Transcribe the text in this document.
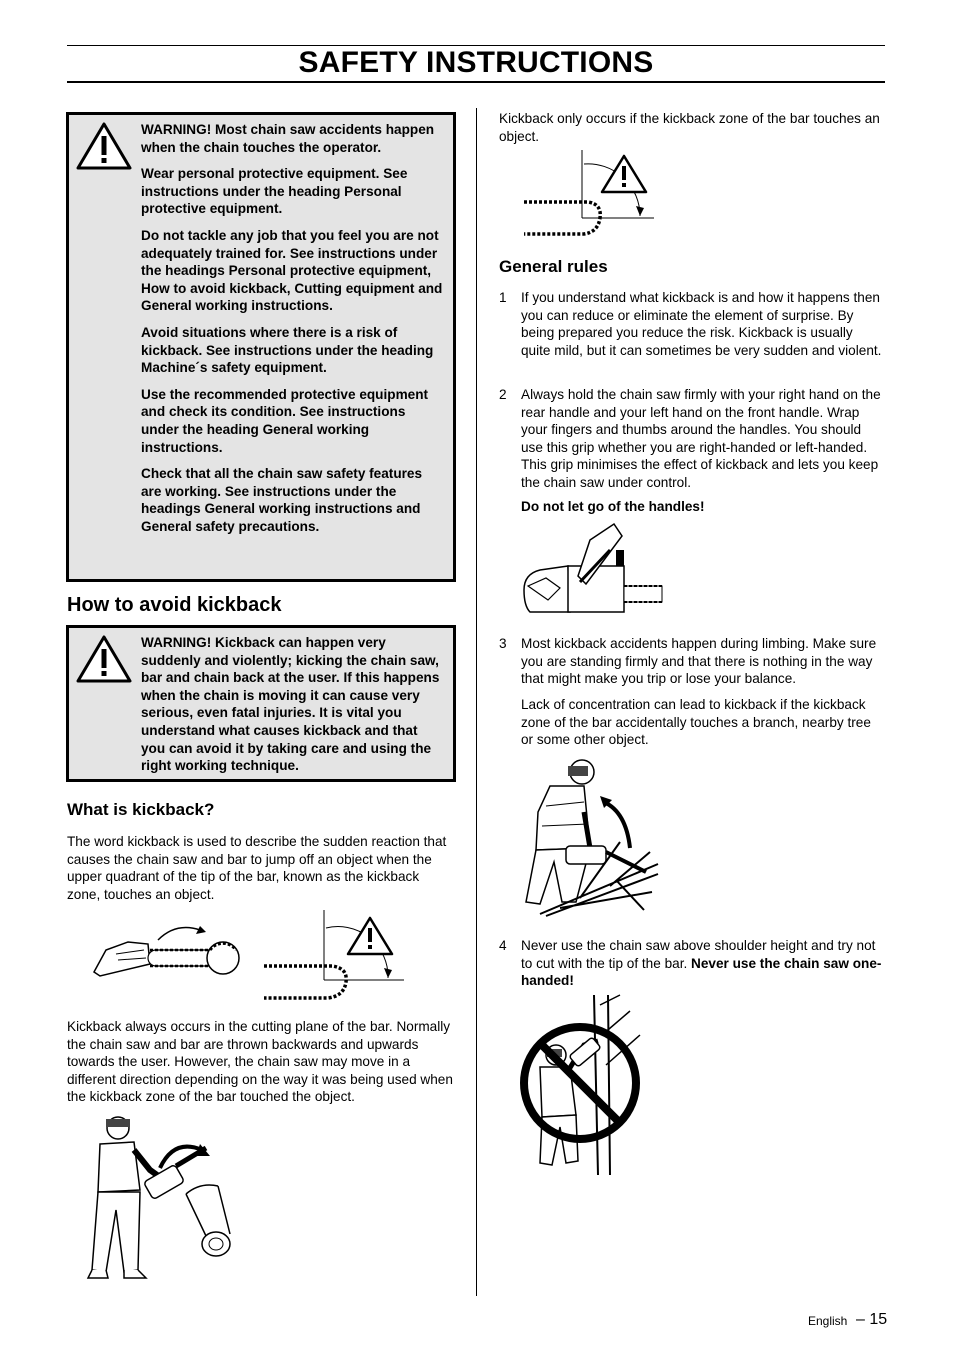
SAFETY INSTRUCTIONS

WARNING! Most chain saw accidents happen when the chain touches the operator.

Wear personal protective equipment. See instructions under the heading Personal protective equipment.

Do not tackle any job that you feel you are not adequately trained for. See instructions under the headings Personal protective equipment, How to avoid kickback, Cutting equipment and General working instructions.

Avoid situations where there is a risk of kickback. See instructions under the heading Machine´s safety equipment.

Use the recommended protective equipment and check its condition. See instructions under the heading General working instructions.

Check that all the chain saw safety features are working. See instructions under the headings General working instructions and General safety precautions.

How to avoid kickback

WARNING! Kickback can happen very suddenly and violently; kicking the chain saw, bar and chain back at the user. If this happens when the chain is moving it can cause very serious, even fatal injuries. It is vital you understand what causes kickback and that you can avoid it by taking care and using the right working technique.

What is kickback?
The word kickback is used to describe the sudden reaction that causes the chain saw and bar to jump off an object when the upper quadrant of the tip of the bar, known as the kickback zone, touches an object.
Kickback always occurs in the cutting plane of the bar. Normally the chain saw and bar are thrown backwards and upwards towards the user. However, the chain saw may move in a different direction depending on the way it was being used when the kickback zone of the bar touched the object.
Kickback only occurs if the kickback zone of the bar touches an object.
General rules
1 If you understand what kickback is and how it happens then you can reduce or eliminate the element of surprise. By being prepared you reduce the risk. Kickback is usually quite mild, but it can sometimes be very sudden and violent.
2 Always hold the chain saw firmly with your right hand on the rear handle and your left hand on the front handle. Wrap your fingers and thumbs around the handles. You should use this grip whether you are right-handed or left-handed. This grip minimises the effect of kickback and lets you keep the chain saw under control.
Do not let go of the handles!
3 Most kickback accidents happen during limbing. Make sure you are standing firmly and that there is nothing in the way that might make you trip or lose your balance.
Lack of concentration can lead to kickback if the kickback zone of the bar accidentally touches a branch, nearby tree or some other object.
4 Never use the chain saw above shoulder height and try not to cut with the tip of the bar. Never use the chain saw one-handed!
English – 15
